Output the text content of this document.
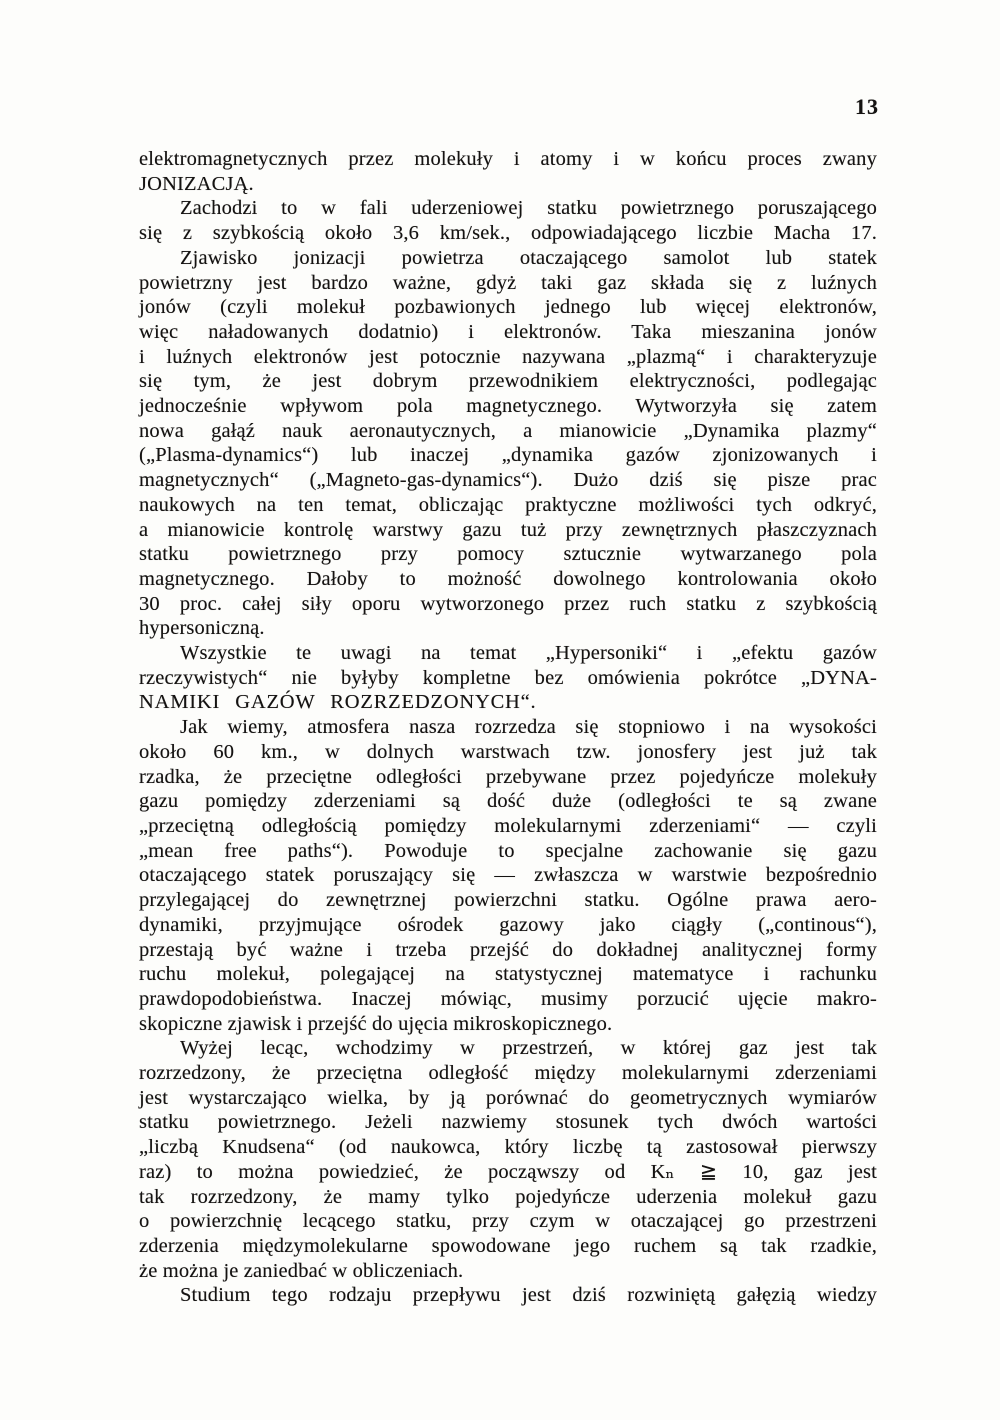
13
elektromagnetycznych przez molekuły i atomy i w końcu proces zwany
JONIZACJĄ.
Zachodzi to w fali uderzeniowej statku powietrznego poruszającego
się z szybkością około 3,6 km/sek., odpowiadającego liczbie Macha 17.
Zjawisko jonizacji powietrza otaczającego samolot lub statek
powietrzny jest bardzo ważne, gdyż taki gaz składa się z luźnych
jonów (czyli molekuł pozbawionych jednego lub więcej elektronów,
więc naładowanych dodatnio) i elektronów. Taka mieszanina jonów
i luźnych elektronów jest potocznie nazywana „plazmą“ i charakteryzuje
się tym, że jest dobrym przewodnikiem elektryczności, podlegając
jednocześnie wpływom pola magnetycznego. Wytworzyła się zatem
nowa gałąź nauk aeronautycznych, a mianowicie „Dynamika plazmy“
(„Plasma-dynamics“) lub inaczej „dynamika gazów zjonizowanych i
magnetycznych“ („Magneto-gas-dynamics“). Dużo dziś się pisze prac
naukowych na ten temat, obliczając praktyczne możliwości tych odkryć,
a mianowicie kontrolę warstwy gazu tuż przy zewnętrznych płaszczyznach
statku powietrznego przy pomocy sztucznie wytwarzanego pola
magnetycznego. Dałoby to możność dowolnego kontrolowania około
30 proc. całej siły oporu wytworzonego przez ruch statku z szybkością
hypersoniczną.
Wszystkie te uwagi na temat „Hypersoniki“ i „efektu gazów
rzeczywistych“ nie byłyby kompletne bez omówienia pokrótce „DYNA-
NAMIKI GAZÓW ROZRZEDZONYCH“.
Jak wiemy, atmosfera nasza rozrzedza się stopniowo i na wysokości
około 60 km., w dolnych warstwach tzw. jonosfery jest już tak
rzadka, że przeciętne odległości przebywane przez pojedyńcze molekuły
gazu pomiędzy zderzeniami są dość duże (odległości te są zwane
„przeciętną odległością pomiędzy molekularnymi zderzeniami“ — czyli
„mean free paths“). Powoduje to specjalne zachowanie się gazu
otaczającego statek poruszający się — zwłaszcza w warstwie bezpośrednio
przylegającej do zewnętrznej powierzchni statku. Ogólne prawa aero-
dynamiki, przyjmujące ośrodek gazowy jako ciągły („continous“),
przestają być ważne i trzeba przejść do dokładnej analitycznej formy
ruchu molekuł, polegającej na statystycznej matematyce i rachunku
prawdopodobieństwa. Inaczej mówiąc, musimy porzucić ujęcie makro-
skopiczne zjawisk i przejść do ujęcia mikroskopicznego.
Wyżej lecąc, wchodzimy w przestrzeń, w której gaz jest tak
rozrzedzony, że przeciętna odległość między molekularnymi zderzeniami
jest wystarczająco wielka, by ją porównać do geometrycznych wymiarów
statku powietrznego. Jeżeli nazwiemy stosunek tych dwóch wartości
„liczbą Knudsena“ (od naukowca, który liczbę tą zastosował pierwszy
raz) to można powiedzieć, że począwszy od Kₙ ≧ 10, gaz jest
tak rozrzedzony, że mamy tylko pojedyńcze uderzenia molekuł gazu
o powierzchnię lecącego statku, przy czym w otaczającej go przestrzeni
zderzenia międzymolekularne spowodowane jego ruchem są tak rzadkie,
że można je zaniedbać w obliczeniach.
Studium tego rodzaju przepływu jest dziś rozwiniętą gałęzią wiedzy
